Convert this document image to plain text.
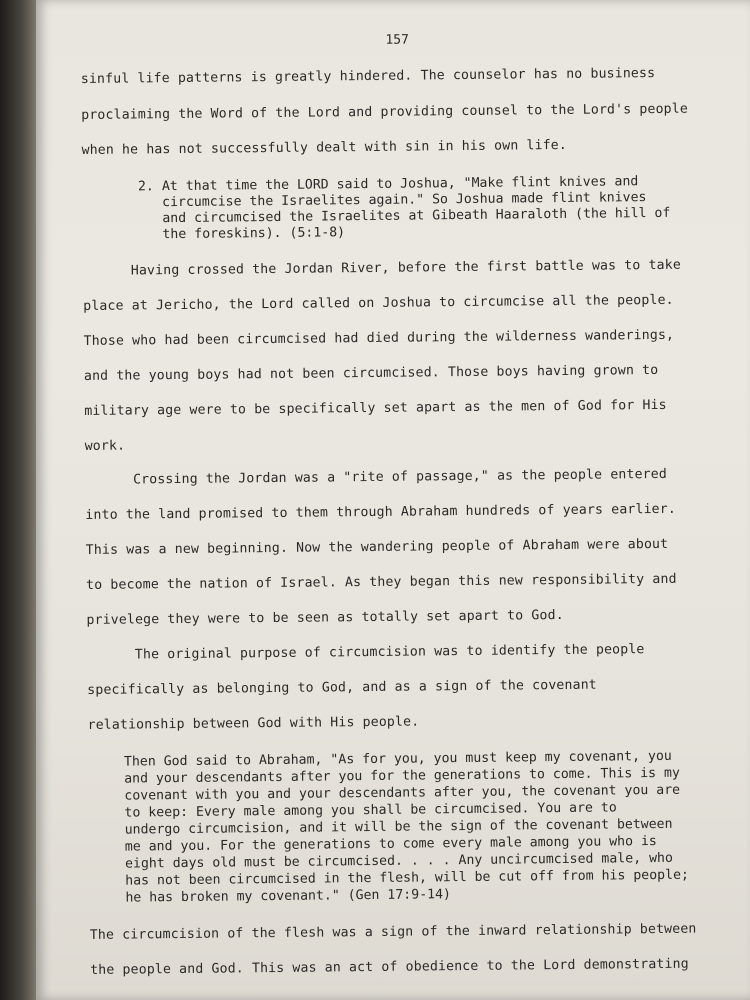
157
sinful life patterns is greatly hindered. The counselor has no business
proclaiming the Word of the Lord and providing counsel to the Lord's people
when he has not successfully dealt with sin in his own life.
2. At that time the LORD said to Joshua, "Make flint knives and
circumcise the Israelites again." So Joshua made flint knives
and circumcised the Israelites at Gibeath Haaraloth (the hill of
the foreskins). (5:1-8)
Having crossed the Jordan River, before the first battle was to take
place at Jericho, the Lord called on Joshua to circumcise all the people.
Those who had been circumcised had died during the wilderness wanderings,
and the young boys had not been circumcised. Those boys having grown to
military age were to be specifically set apart as the men of God for His
work.
Crossing the Jordan was a "rite of passage," as the people entered
into the land promised to them through Abraham hundreds of years earlier.
This was a new beginning. Now the wandering people of Abraham were about
to become the nation of Israel. As they began this new responsibility and
privelege they were to be seen as totally set apart to God.
The original purpose of circumcision was to identify the people
specifically as belonging to God, and as a sign of the covenant
relationship between God with His people.
Then God said to Abraham, "As for you, you must keep my covenant, you
and your descendants after you for the generations to come. This is my
covenant with you and your descendants after you, the covenant you are
to keep: Every male among you shall be circumcised. You are to
undergo circumcision, and it will be the sign of the covenant between
me and you. For the generations to come every male among you who is
eight days old must be circumcised. . . . Any uncircumcised male, who
has not been circumcised in the flesh, will be cut off from his people;
he has broken my covenant." (Gen 17:9-14)
The circumcision of the flesh was a sign of the inward relationship between
the people and God. This was an act of obedience to the Lord demonstrating
